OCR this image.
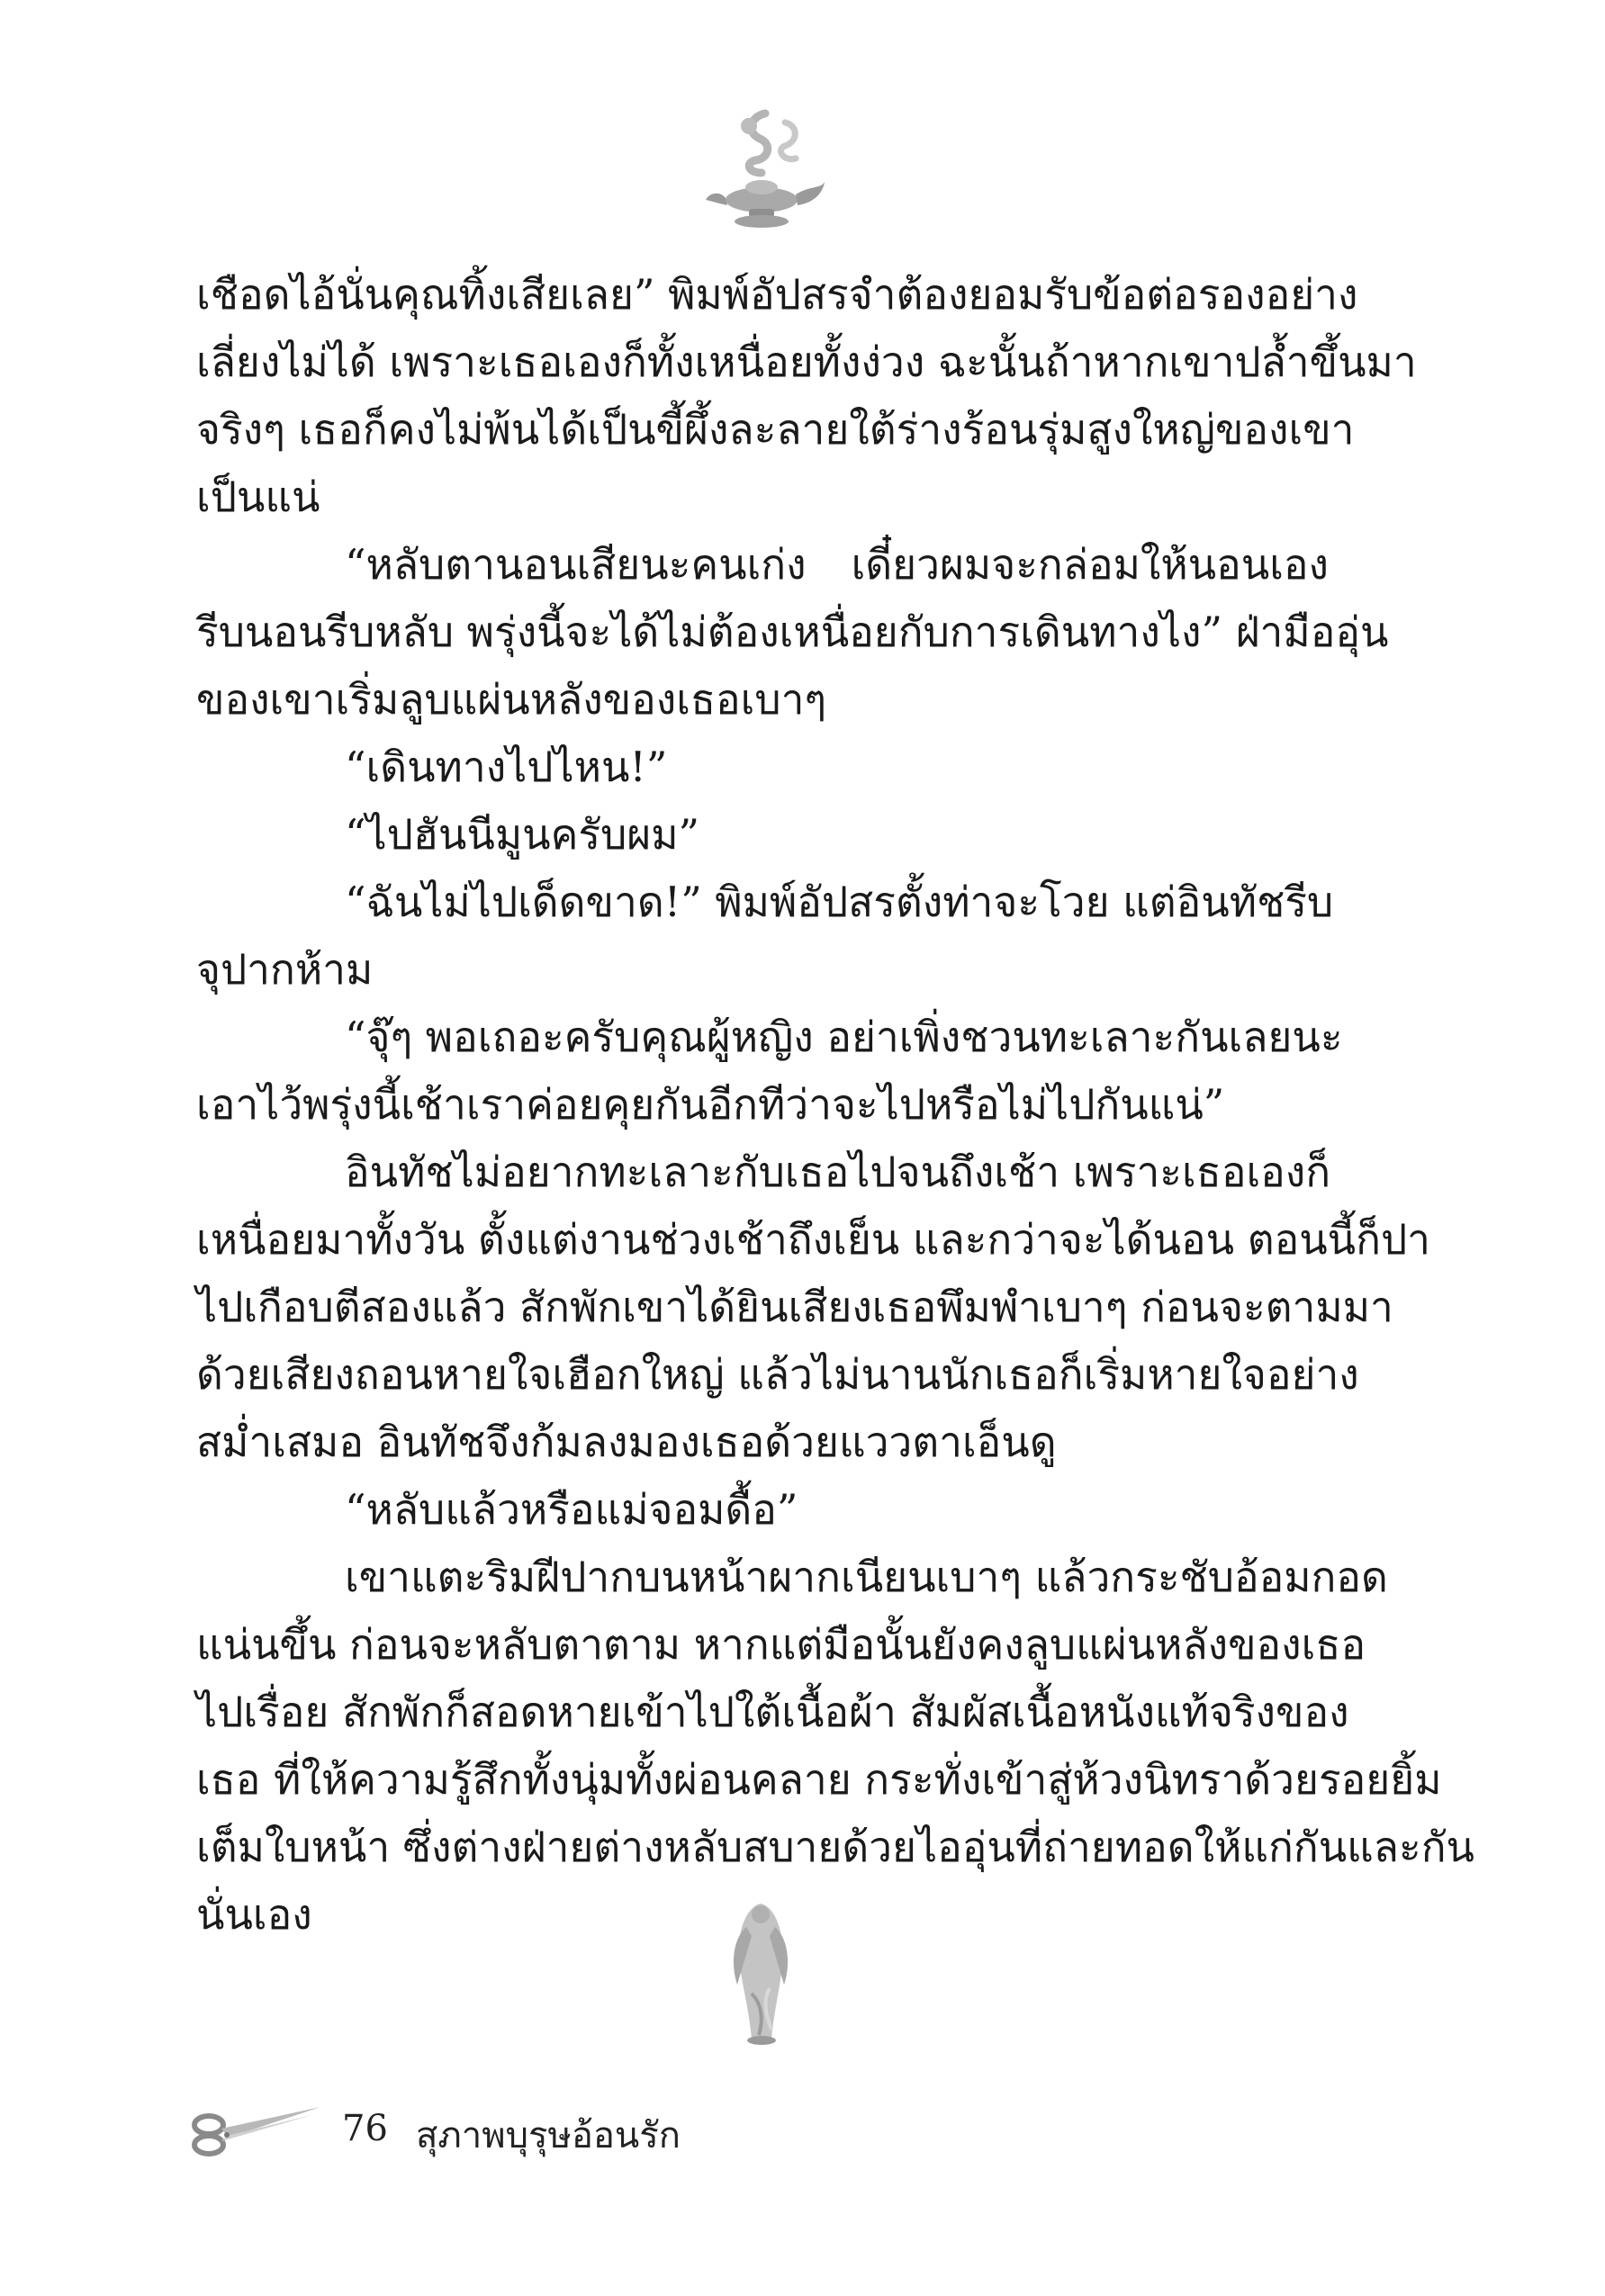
เชือดไอ้นั่นคุณทิ้งเสียเลย” พิมพ์อัปสรจำต้องยอมรับข้อต่อรองอย่าง
เลี่ยงไม่ได้ เพราะเธอเองก็ทั้งเหนื่อยทั้งง่วง ฉะนั้นถ้าหากเขาปล้ำขึ้นมา
จริงๆ เธอก็คงไม่พ้นได้เป็นขี้ผึ้งละลายใต้ร่างร้อนรุ่มสูงใหญ่ของเขา
เป็นแน่
“หลับตานอนเสียนะคนเก่ง เดี๋ยวผมจะกล่อมให้นอนเอง
รีบนอนรีบหลับ พรุ่งนี้จะได้ไม่ต้องเหนื่อยกับการเดินทางไง” ฝ่ามืออุ่น
ของเขาเริ่มลูบแผ่นหลังของเธอเบาๆ
“เดินทางไปไหน!”
“ไปฮันนีมูนครับผม”
“ฉันไม่ไปเด็ดขาด!” พิมพ์อัปสรตั้งท่าจะโวย แต่อินทัชรีบ
จุปากห้าม
“จุ๊ๆ พอเถอะครับคุณผู้หญิง อย่าเพิ่งชวนทะเลาะกันเลยนะ
เอาไว้พรุ่งนี้เช้าเราค่อยคุยกันอีกทีว่าจะไปหรือไม่ไปกันแน่”
อินทัชไม่อยากทะเลาะกับเธอไปจนถึงเช้า เพราะเธอเองก็
เหนื่อยมาทั้งวัน ตั้งแต่งานช่วงเช้าถึงเย็น และกว่าจะได้นอน ตอนนี้ก็ปา
ไปเกือบตีสองแล้ว สักพักเขาได้ยินเสียงเธอพึมพำเบาๆ ก่อนจะตามมา
ด้วยเสียงถอนหายใจเฮือกใหญ่ แล้วไม่นานนักเธอก็เริ่มหายใจอย่าง
สม่ำเสมอ อินทัชจึงก้มลงมองเธอด้วยแววตาเอ็นดู
“หลับแล้วหรือแม่จอมดื้อ”
เขาแตะริมฝีปากบนหน้าผากเนียนเบาๆ แล้วกระชับอ้อมกอด
แน่นขึ้น ก่อนจะหลับตาตาม หากแต่มือนั้นยังคงลูบแผ่นหลังของเธอ
ไปเรื่อย สักพักก็สอดหายเข้าไปใต้เนื้อผ้า สัมผัสเนื้อหนังแท้จริงของ
เธอ ที่ให้ความรู้สึกทั้งนุ่มทั้งผ่อนคลาย กระทั่งเข้าสู่ห้วงนิทราด้วยรอยยิ้ม
เต็มใบหน้า ซึ่งต่างฝ่ายต่างหลับสบายด้วยไออุ่นที่ถ่ายทอดให้แก่กันและกัน
นั่นเอง
76 สุภาพบุรุษอ้อนรัก
